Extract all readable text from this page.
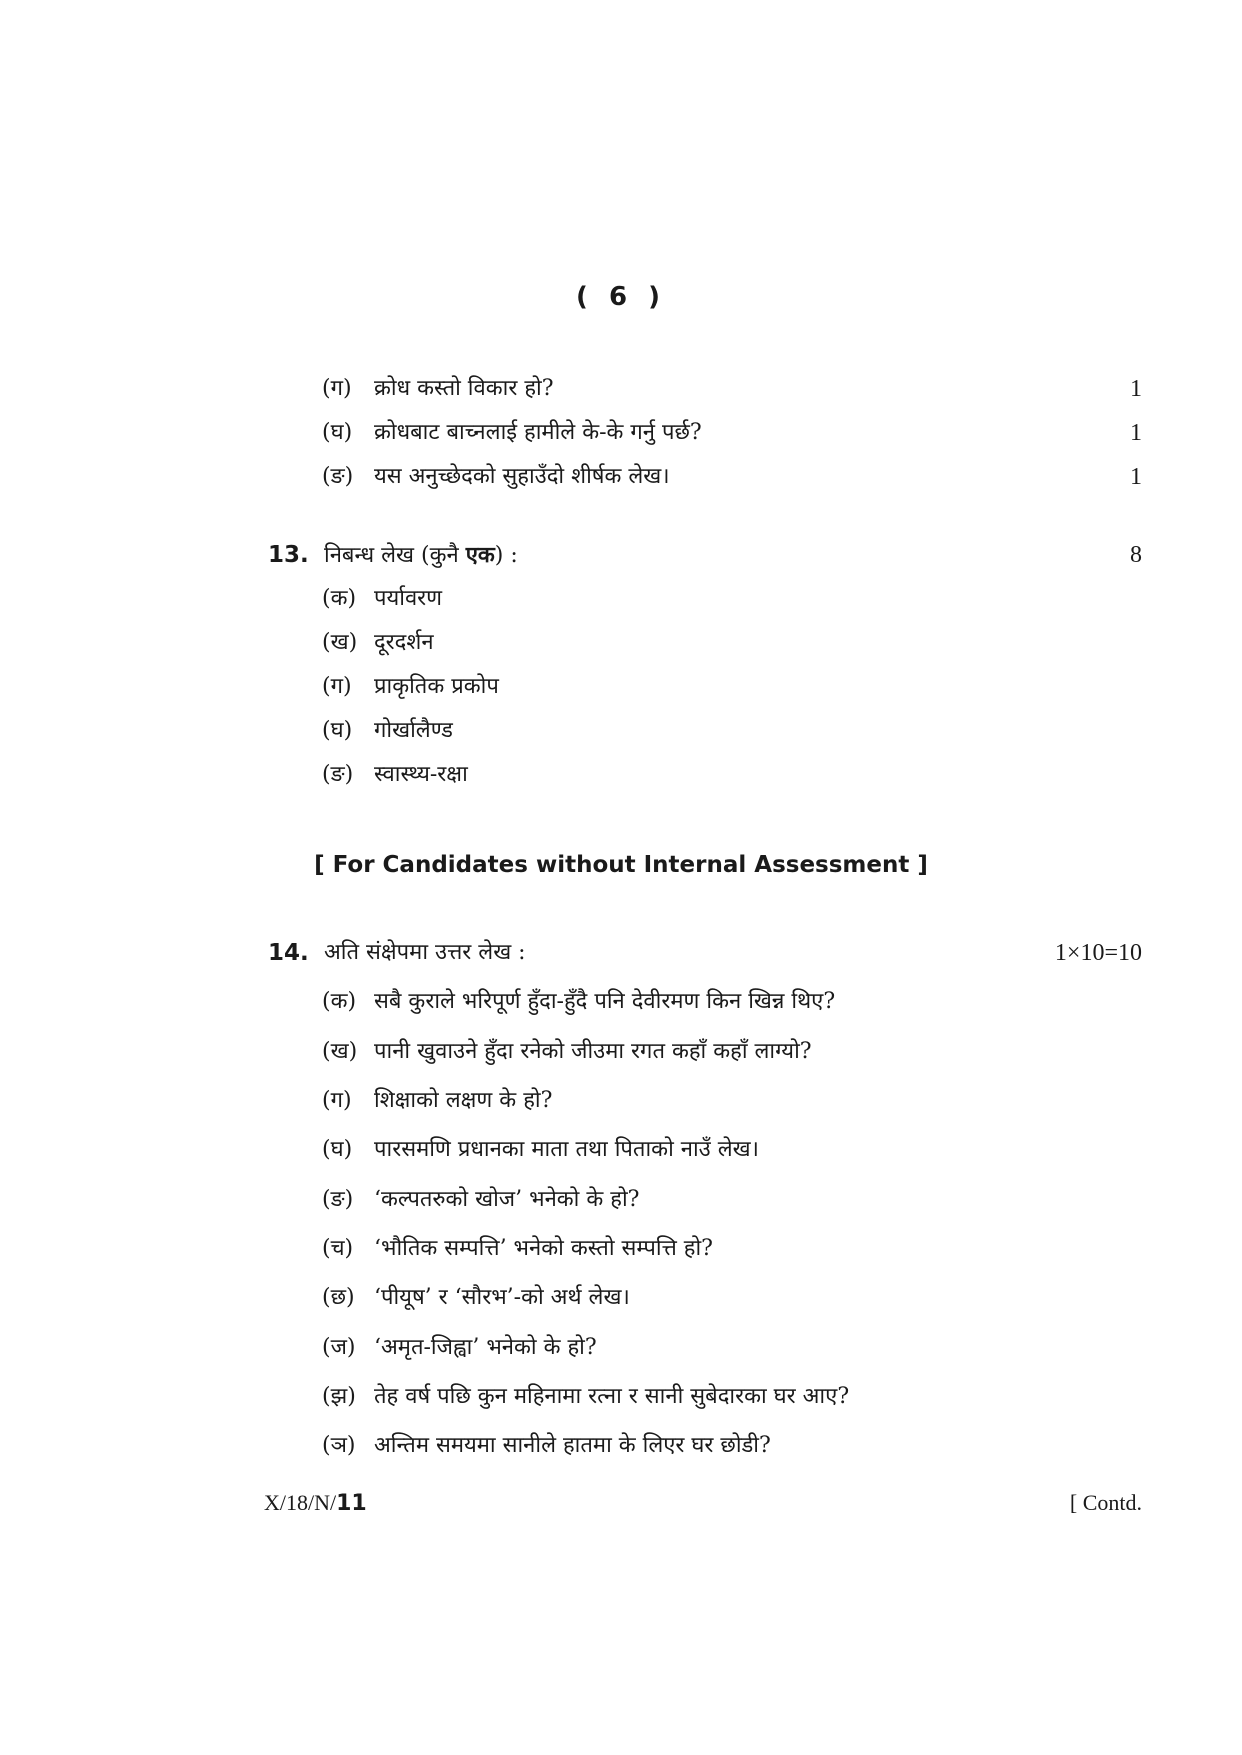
( 6 )
(ग) क्रोध कस्तो विकार हो?	1
(घ) क्रोधबाट बाच्नलाई हामीले के-के गर्नु पर्छ?	1
(ङ) यस अनुच्छेदको सुहाउँदो शीर्षक लेख।	1
13. निबन्ध लेख (कुनै एक) :	8
(क) पर्यावरण
(ख) दूरदर्शन
(ग) प्राकृतिक प्रकोप
(घ) गोर्खालैण्ड
(ङ) स्वास्थ्य-रक्षा
[ For Candidates without Internal Assessment ]
14. अति संक्षेपमा उत्तर लेख :	1×10=10
(क) सबै कुराले भरिपूर्ण हुँदा-हुँदै पनि देवीरमण किन खिन्न थिए?
(ख) पानी खुवाउने हुँदा रनेको जीउमा रगत कहाँ कहाँ लाग्यो?
(ग) शिक्षाको लक्षण के हो?
(घ) पारसमणि प्रधानका माता तथा पिताको नाउँ लेख।
(ङ) ‘कल्पतरुको खोज’ भनेको के हो?
(च) ‘भौतिक सम्पत्ति’ भनेको कस्तो सम्पत्ति हो?
(छ) ‘पीयूष’ र ‘सौरभ’-को अर्थ लेख।
(ज) ‘अमृत-जिह्वा’ भनेको के हो?
(झ) तेह वर्ष पछि कुन महिनामा रत्ना र सानी सुबेदारका घर आए?
(ञ) अन्तिम समयमा सानीले हातमा के लिएर घर छोडी?
X/18/N/11	[ Contd.
